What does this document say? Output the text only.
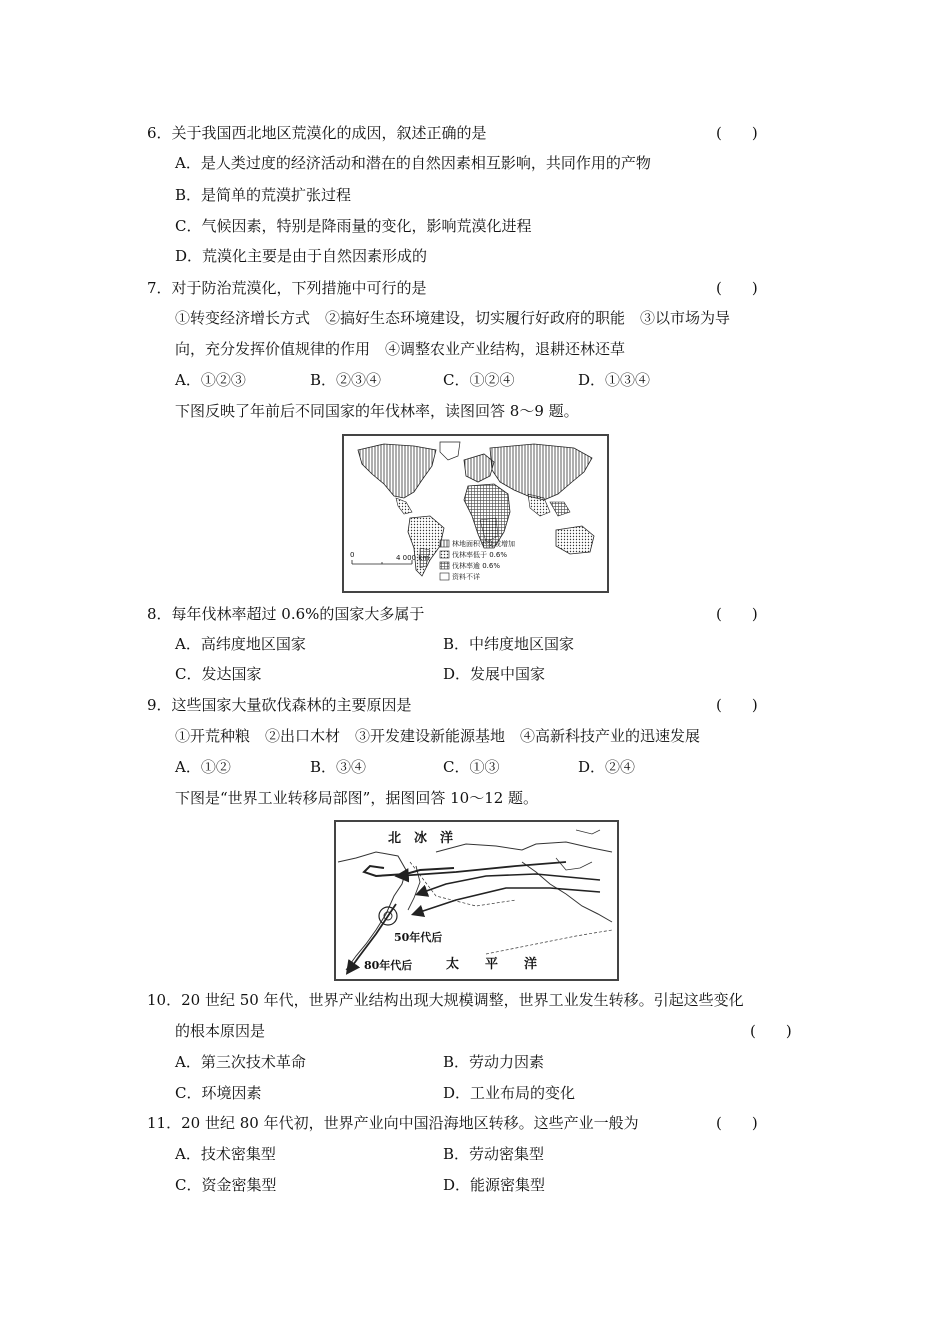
6．关于我国西北地区荒漠化的成因，叙述正确的是	(　　)
A．是人类过度的经济活动和潜在的自然因素相互影响，共同作用的产物
B．是简单的荒漠扩张过程
C．气候因素，特别是降雨量的变化，影响荒漠化进程
D．荒漠化主要是由于自然因素形成的
7．对于防治荒漠化，下列措施中可行的是	(　　)
①转变经济增长方式　②搞好生态环境建设，切实履行好政府的职能　③以市场为导
向，充分发挥价值规律的作用　④调整农业产业结构，退耕还林还草
A．①②③	B．②③④	C．①②④	D．①③④
下图反映了年前后不同国家的年伐林率，读图回答 8～9 题。
0	4 000 km
林地面积不变或增加
伐林率低于 0.6%
伐林率逾 0.6%
资料不详
8．每年伐林率超过 0.6%的国家大多属于	(　　)
A．高纬度地区国家	B．中纬度地区国家
C．发达国家	D．发展中国家
9．这些国家大量砍伐森林的主要原因是	(　　)
①开荒种粮　②出口木材　③开发建设新能源基地　④高新科技产业的迅速发展
A．①②	B．③④	C．①③	D．②④
下图是“世界工业转移局部图”，据图回答 10～12 题。
北　冰　洋
太　　平　　洋
50年代后
80年代后
10．20 世纪 50 年代，世界产业结构出现大规模调整，世界工业发生转移。引起这些变化
的根本原因是	(　　)
A．第三次技术革命	B．劳动力因素
C．环境因素	D．工业布局的变化
11．20 世纪 80 年代初，世界产业向中国沿海地区转移。这些产业一般为	(　　)
A．技术密集型	B．劳动密集型
C．资金密集型	D．能源密集型
